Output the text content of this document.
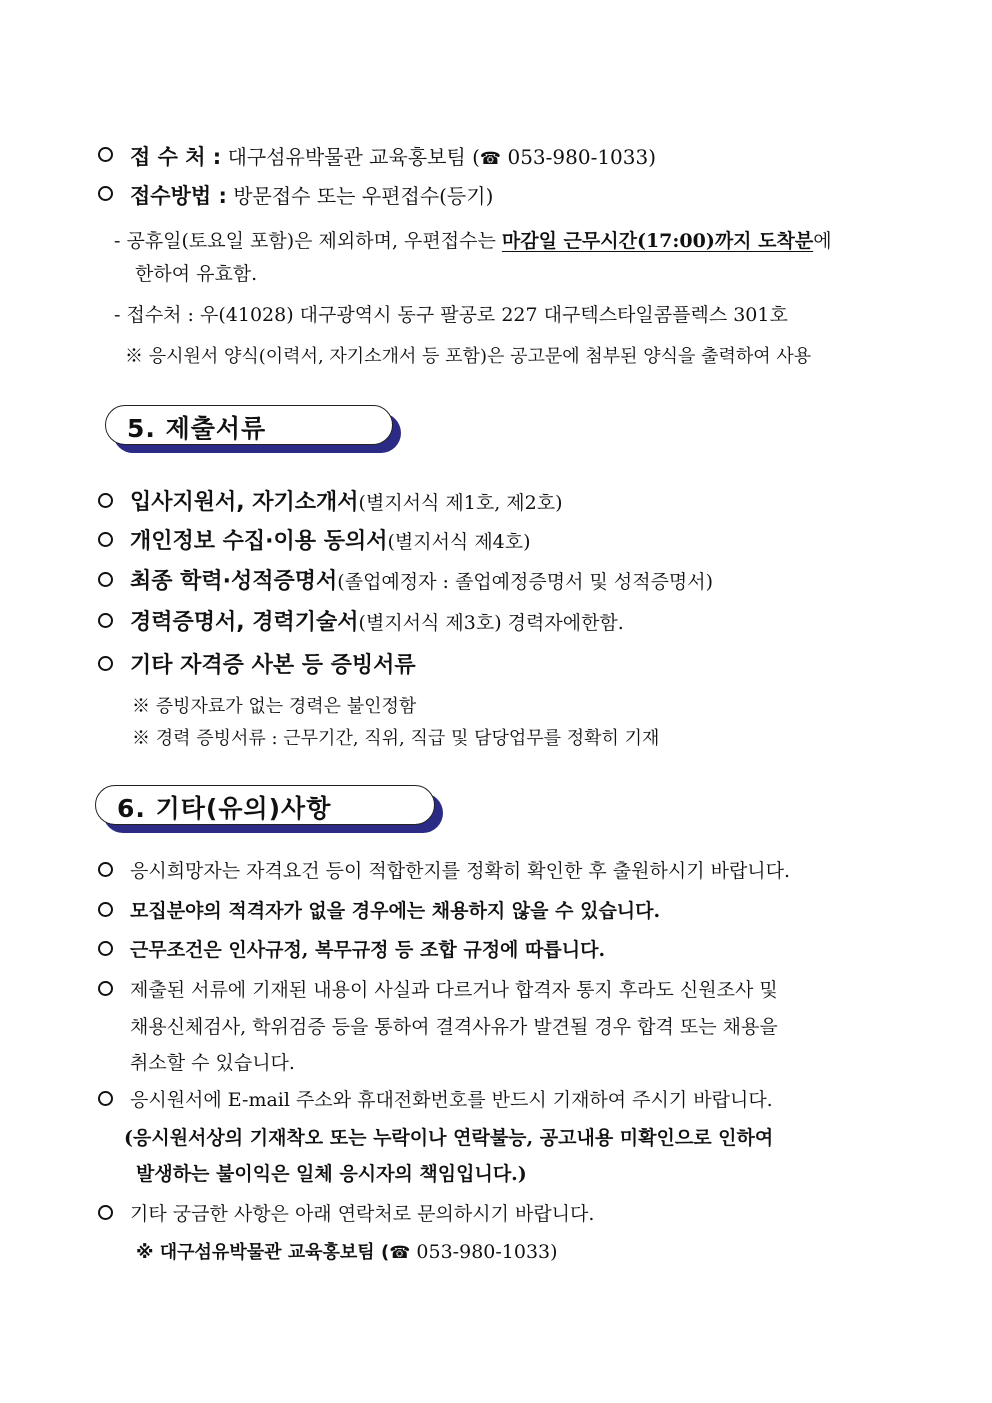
접 수 처 : 대구섬유박물관 교육홍보팀 (☎ 053-980-1033)
접수방법 : 방문접수 또는 우편접수(등기)
- 공휴일(토요일 포함)은 제외하며, 우편접수는 마감일 근무시간(17:00)까지 도착분에
한하여 유효함.
- 접수처 : 우(41028) 대구광역시 동구 팔공로 227 대구텍스타일콤플렉스 301호
※ 응시원서 양식(이력서, 자기소개서 등 포함)은 공고문에 첨부된 양식을 출력하여 사용
5. 제출서류
입사지원서, 자기소개서(별지서식 제1호, 제2호)
개인정보 수집·이용 동의서(별지서식 제4호)
최종 학력·성적증명서(졸업예정자 : 졸업예정증명서 및 성적증명서)
경력증명서, 경력기술서(별지서식 제3호) 경력자에한함.
기타 자격증 사본 등 증빙서류
※ 증빙자료가 없는 경력은 불인정함
※ 경력 증빙서류 : 근무기간, 직위, 직급 및 담당업무를 정확히 기재
6. 기타(유의)사항
응시희망자는 자격요건 등이 적합한지를 정확히 확인한 후 출원하시기 바랍니다.
모집분야의 적격자가 없을 경우에는 채용하지 않을 수 있습니다.
근무조건은 인사규정, 복무규정 등 조합 규정에 따릅니다.
제출된 서류에 기재된 내용이 사실과 다르거나 합격자 통지 후라도 신원조사 및
채용신체검사, 학위검증 등을 통하여 결격사유가 발견될 경우 합격 또는 채용을
취소할 수 있습니다.
응시원서에 E-mail 주소와 휴대전화번호를 반드시 기재하여 주시기 바랍니다.
(응시원서상의 기재착오 또는 누락이나 연락불능, 공고내용 미확인으로 인하여
발생하는 불이익은 일체 응시자의 책임입니다.)
기타 궁금한 사항은 아래 연락처로 문의하시기 바랍니다.
※ 대구섬유박물관 교육홍보팀 (☎ 053-980-1033)
